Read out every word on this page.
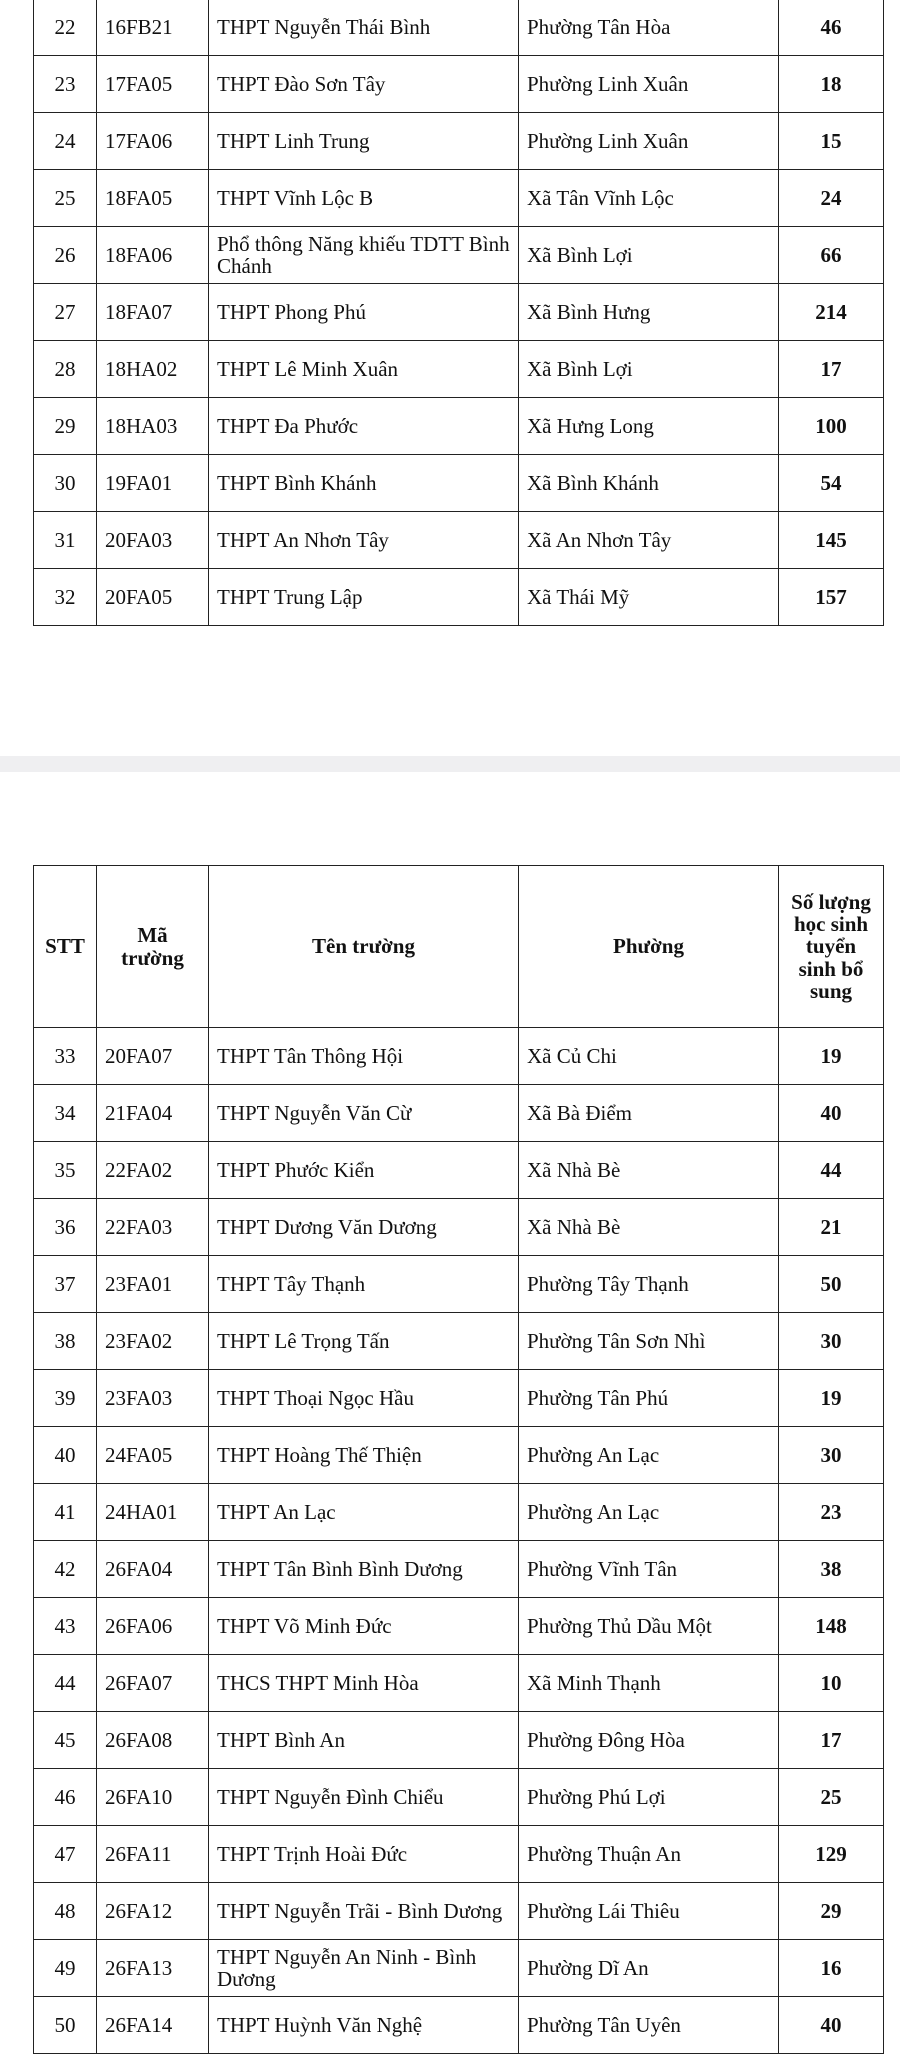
22	16FB21	THPT Nguyễn Thái Bình	Phường Tân Hòa	46
23	17FA05	THPT Đào Sơn Tây	Phường Linh Xuân	18
24	17FA06	THPT Linh Trung	Phường Linh Xuân	15
25	18FA05	THPT Vĩnh Lộc B	Xã Tân Vĩnh Lộc	24
26	18FA06	Phổ thông Năng khiếu TDTT Bình Chánh	Xã Bình Lợi	66
27	18FA07	THPT Phong Phú	Xã Bình Hưng	214
28	18HA02	THPT Lê Minh Xuân	Xã Bình Lợi	17
29	18HA03	THPT Đa Phước	Xã Hưng Long	100
30	19FA01	THPT Bình Khánh	Xã Bình Khánh	54
31	20FA03	THPT An Nhơn Tây	Xã An Nhơn Tây	145
32	20FA05	THPT Trung Lập	Xã Thái Mỹ	157
STT	Mã trường	Tên trường	Phường	Số lượng học sinh tuyển sinh bổ sung
33	20FA07	THPT Tân Thông Hội	Xã Củ Chi	19
34	21FA04	THPT Nguyễn Văn Cừ	Xã Bà Điểm	40
35	22FA02	THPT Phước Kiển	Xã Nhà Bè	44
36	22FA03	THPT Dương Văn Dương	Xã Nhà Bè	21
37	23FA01	THPT Tây Thạnh	Phường Tây Thạnh	50
38	23FA02	THPT Lê Trọng Tấn	Phường Tân Sơn Nhì	30
39	23FA03	THPT Thoại Ngọc Hầu	Phường Tân Phú	19
40	24FA05	THPT Hoàng Thế Thiện	Phường An Lạc	30
41	24HA01	THPT An Lạc	Phường An Lạc	23
42	26FA04	THPT Tân Bình Bình Dương	Phường Vĩnh Tân	38
43	26FA06	THPT Võ Minh Đức	Phường Thủ Dầu Một	148
44	26FA07	THCS THPT Minh Hòa	Xã Minh Thạnh	10
45	26FA08	THPT Bình An	Phường Đông Hòa	17
46	26FA10	THPT Nguyễn Đình Chiểu	Phường Phú Lợi	25
47	26FA11	THPT Trịnh Hoài Đức	Phường Thuận An	129
48	26FA12	THPT Nguyễn Trãi - Bình Dương	Phường Lái Thiêu	29
49	26FA13	THPT Nguyễn An Ninh - Bình Dương	Phường Dĩ An	16
50	26FA14	THPT Huỳnh Văn Nghệ	Phường Tân Uyên	40
